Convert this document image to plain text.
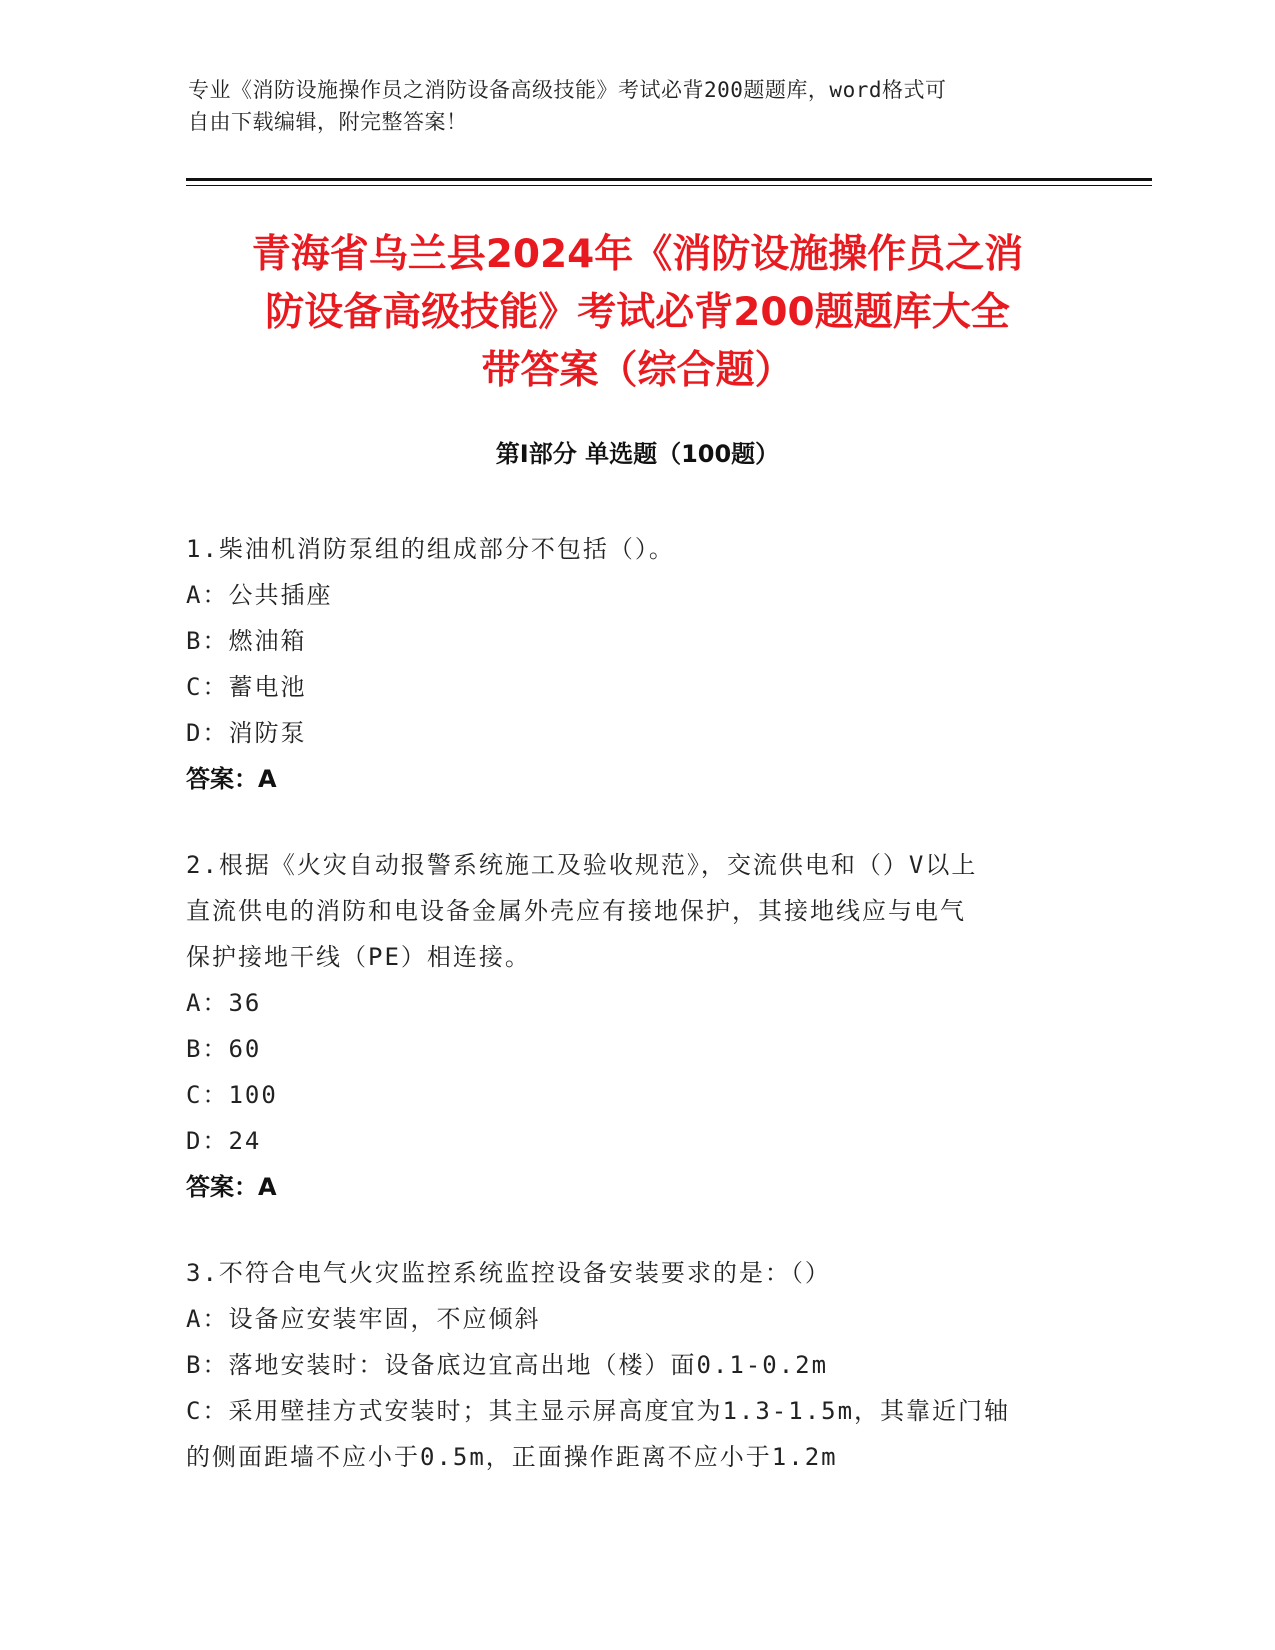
专业《消防设施操作员之消防设备高级技能》考试必背200题题库，word格式可
自由下载编辑，附完整答案！
青海省乌兰县2024年《消防设施操作员之消
防设备高级技能》考试必背200题题库大全
带答案（综合题）
第I部分 单选题（100题）
1.柴油机消防泵组的组成部分不包括（）。
A：公共插座
B：燃油箱
C：蓄电池
D：消防泵
答案：A
2.根据《火灾自动报警系统施工及验收规范》，交流供电和（）V以上
直流供电的消防和电设备金属外壳应有接地保护，其接地线应与电气
保护接地干线（PE）相连接。
A：36
B：60
C：100
D：24
答案：A
3.不符合电气火灾监控系统监控设备安装要求的是：（）
A：设备应安装牢固，不应倾斜
B：落地安装时：设备底边宜高出地（楼）面0.1-0.2m
C：采用壁挂方式安装时；其主显示屏高度宜为1.3-1.5m，其靠近门轴
的侧面距墙不应小于0.5m，正面操作距离不应小于1.2m
